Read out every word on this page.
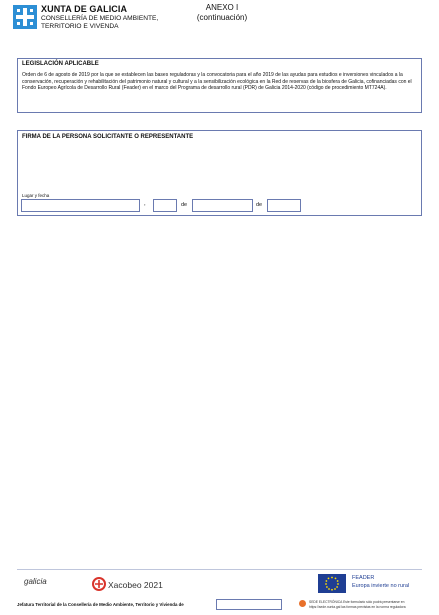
XUNTA DE GALICIA
CONSELLERÍA DE MEDIO AMBIENTE,
TERRITORIO E VIVENDA
ANEXO I
(continuación)
LEGISLACIÓN APLICABLE
Orden de 6 de agosto de 2019 por la que se establecen las bases reguladoras y la convocatoria para el año 2019 de las ayudas para estudios e inversiones vinculados a la conservación, recuperación y rehabilitación del patrimonio natural y cultural y a la sensibilización ecológica en la Red de reservas de la biosfera de Galicia, cofinanciadas con el Fondo Europeo Agrícola de Desarrollo Rural (Feader) en el marco del Programa de desarrollo rural (PDR) de Galicia 2014-2020 (código de procedimiento MT724A).
FIRMA DE LA PERSONA SOLICITANTE O REPRESENTANTE
Lugar y fecha
,	de	de
galicia	Xacobeo 2021
FEADER
Europa invierte no rural
Jefatura Territorial de la Consellería de Medio Ambiente, Territorio y Vivienda de	SEDE ELECTRÓNICA Este formulario sólo podrá presentarse en
https://sede.xunta.gal las formas previstas en la norma reguladora
